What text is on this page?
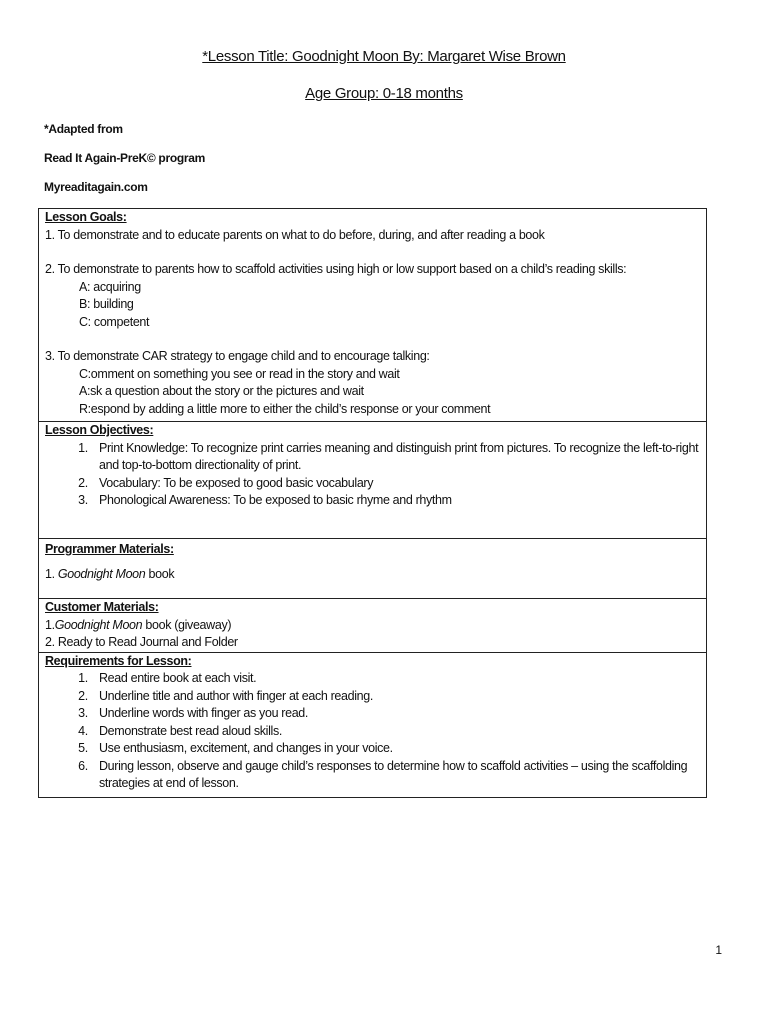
*Lesson Title: Goodnight Moon By: Margaret Wise Brown
Age Group: 0-18 months
*Adapted from
Read It Again-PreK© program
Myreaditagain.com
Lesson Goals:
1. To demonstrate and to educate parents on what to do before, during, and after reading a book
2. To demonstrate to parents how to scaffold activities using high or low support based on a child’s reading skills:
A: acquiring
B: building
C: competent
3. To demonstrate CAR strategy to engage child and to encourage talking:
C:omment on something you see or read in the story and wait
A:sk a question about the story or the pictures and wait
R:espond by adding a little more to either the child’s response or your comment

Lesson Objectives:
1. Print Knowledge: To recognize print carries meaning and distinguish print from pictures. To recognize the left-to-right and top-to-bottom directionality of print.
2. Vocabulary: To be exposed to good basic vocabulary
3. Phonological Awareness: To be exposed to basic rhyme and rhythm

Programmer Materials:
1. Goodnight Moon book

Customer Materials:
1.Goodnight Moon book (giveaway)
2. Ready to Read Journal and Folder

Requirements for Lesson:
1. Read entire book at each visit.
2. Underline title and author with finger at each reading.
3. Underline words with finger as you read.
4. Demonstrate best read aloud skills.
5. Use enthusiasm, excitement, and changes in your voice.
6. During lesson, observe and gauge child’s responses to determine how to scaffold activities – using the scaffolding strategies at end of lesson.
1
